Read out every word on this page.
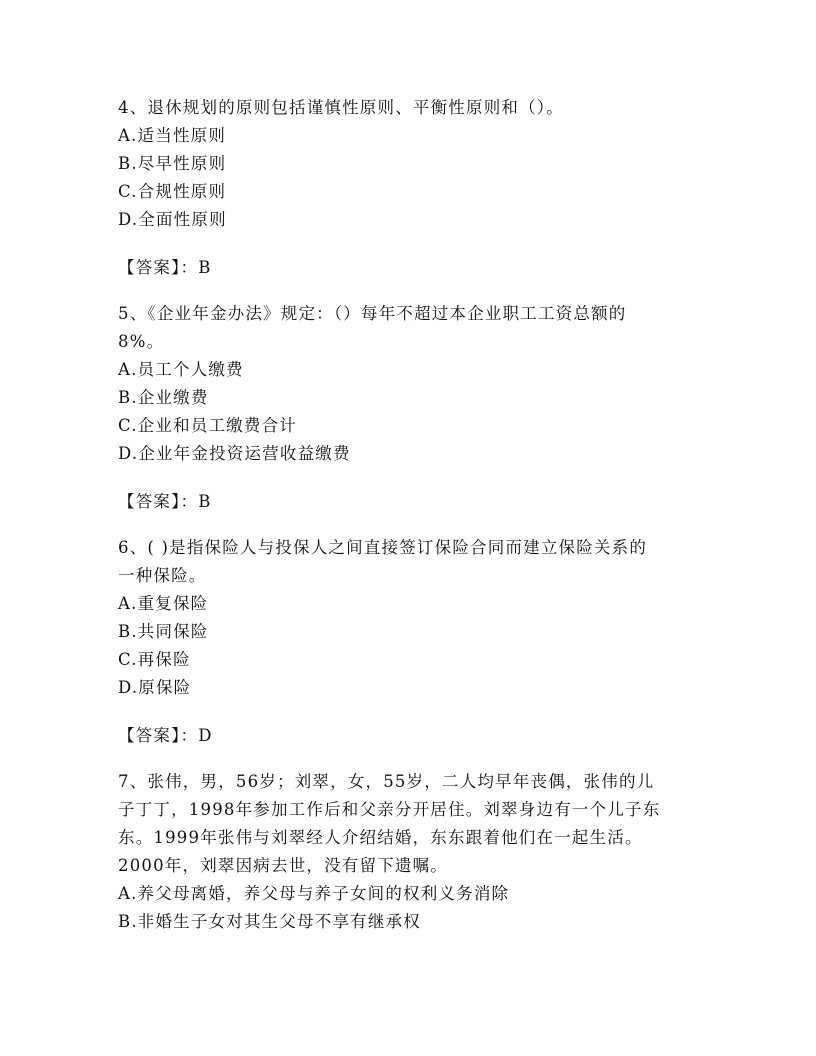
4、退休规划的原则包括谨慎性原则、平衡性原则和（）。
A.适当性原则
B.尽早性原则
C.合规性原则
D.全面性原则
【答案】：B
5、《企业年金办法》规定：（）每年不超过本企业职工工资总额的
8%。
A.员工个人缴费
B.企业缴费
C.企业和员工缴费合计
D.企业年金投资运营收益缴费
【答案】：B
6、( )是指保险人与投保人之间直接签订保险合同而建立保险关系的
一种保险。
A.重复保险
B.共同保险
C.再保险
D.原保险
【答案】：D
7、张伟，男，56岁；刘翠，女，55岁，二人均早年丧偶，张伟的儿
子丁丁，1998年参加工作后和父亲分开居住。刘翠身边有一个儿子东
东。1999年张伟与刘翠经人介绍结婚，东东跟着他们在一起生活。
2000年，刘翠因病去世，没有留下遗嘱。
A.养父母离婚，养父母与养子女间的权利义务消除
B.非婚生子女对其生父母不享有继承权
